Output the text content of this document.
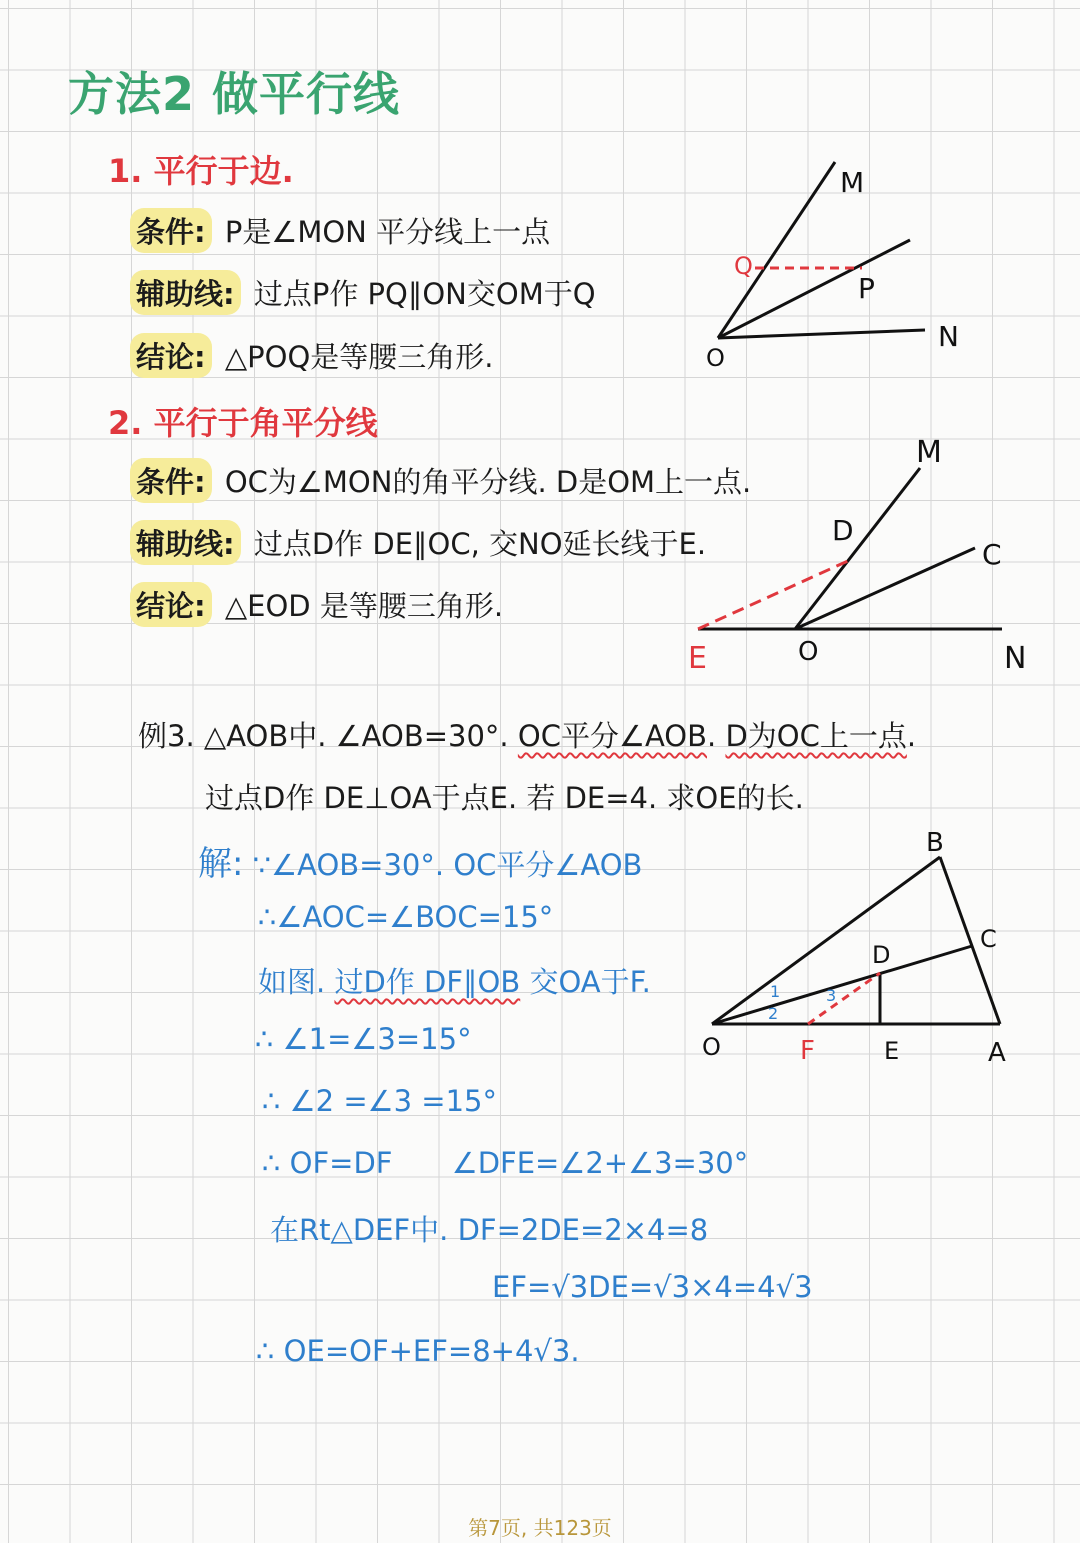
方法2 做平行线
1. 平行于边.
条件: P是∠MON 平分线上一点
辅助线: 过点P作 PQ∥ON交OM于Q
结论: △POQ是等腰三角形.
M
P
Q
O
N
2. 平行于角平分线
条件: OC为∠MON的角平分线. D是OM上一点.
辅助线: 过点D作 DE∥OC, 交NO延长线于E.
结论: △EOD 是等腰三角形.
M
D
C
E	O	N
例3. △AOB中. ∠AOB=30°. OC平分∠AOB. D为OC上一点.
过点D作 DE⊥OA于点E. 若 DE=4. 求OE的长.
B
C
D
O	F	E	A
1
2
3
解: ∵∠AOB=30°. OC平分∠AOB
∴∠AOC=∠BOC=15°
如图. 过D作 DF∥OB 交OA于F.
∴ ∠1=∠3=15°
∴ ∠2 =∠3 =15°
∴ OF=DF ∠DFE=∠2+∠3=30°
在Rt△DEF中. DF=2DE=2×4=8
EF=√3DE=√3×4=4√3
∴ OE=OF+EF=8+4√3.
第7页, 共123页
